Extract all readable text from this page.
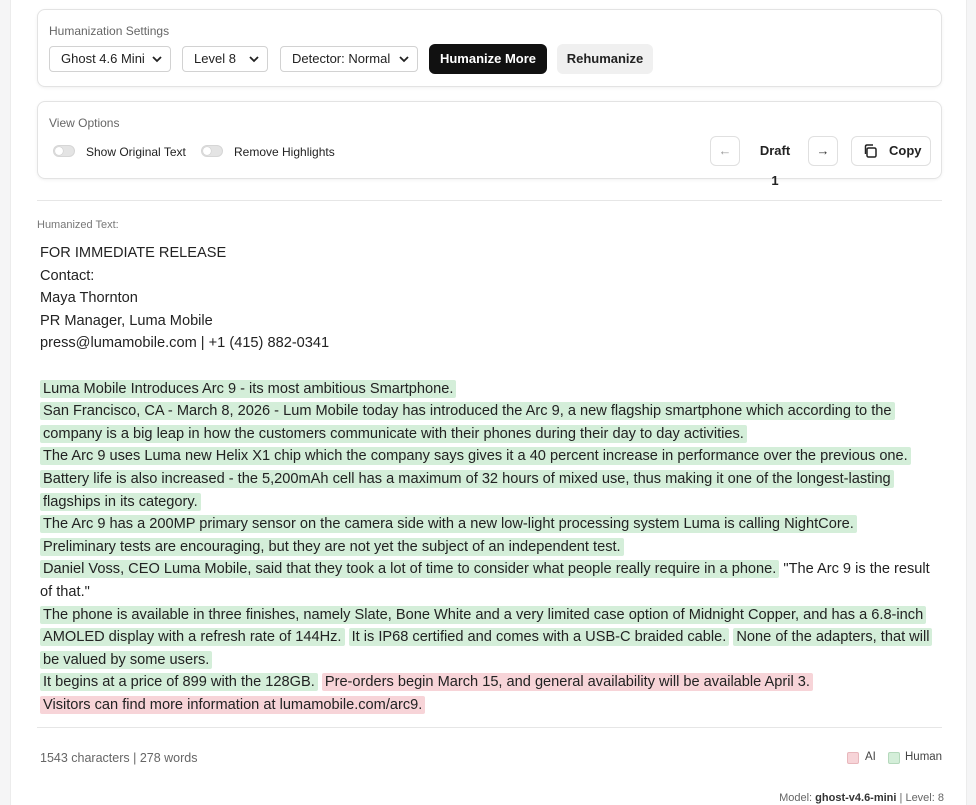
Humanization Settings
Ghost 4.6 Mini	Level 8	Detector: Normal	Humanize More	Rehumanize
View Options
Show Original Text	Remove Highlights	←	Draft 1
→	Copy
Humanized Text:
FOR IMMEDIATE RELEASE
Contact:
Maya Thornton
PR Manager, Luma Mobile
press@lumamobile.com | +1 (415) 882-0341
Luma Mobile Introduces Arc 9 - its most ambitious Smartphone.
San Francisco, CA - March 8, 2026 - Lum Mobile today has introduced the Arc 9, a new flagship smartphone which according to the company is a big leap in how the customers communicate with their phones during their day to day activities.
The Arc 9 uses Luma new Helix X1 chip which the company says gives it a 40 percent increase in performance over the previous one.
Battery life is also increased - the 5,200mAh cell has a maximum of 32 hours of mixed use, thus making it one of the longest-lasting flagships in its category.
The Arc 9 has a 200MP primary sensor on the camera side with a new low-light processing system Luma is calling NightCore.
Preliminary tests are encouraging, but they are not yet the subject of an independent test.
Daniel Voss, CEO Luma Mobile, said that they took a lot of time to consider what people really require in a phone. "The Arc 9 is the result of that."
The phone is available in three finishes, namely Slate, Bone White and a very limited case option of Midnight Copper, and has a 6.8-inch AMOLED display with a refresh rate of 144Hz. It is IP68 certified and comes with a USB-C braided cable. None of the adapters, that will be valued by some users.
It begins at a price of 899 with the 128GB. Pre-orders begin March 15, and general availability will be available April 3.
Visitors can find more information at lumamobile.com/arc9.
1543 characters | 278 words	AI	Human
Model: ghost-v4.6-mini | Level: 8
